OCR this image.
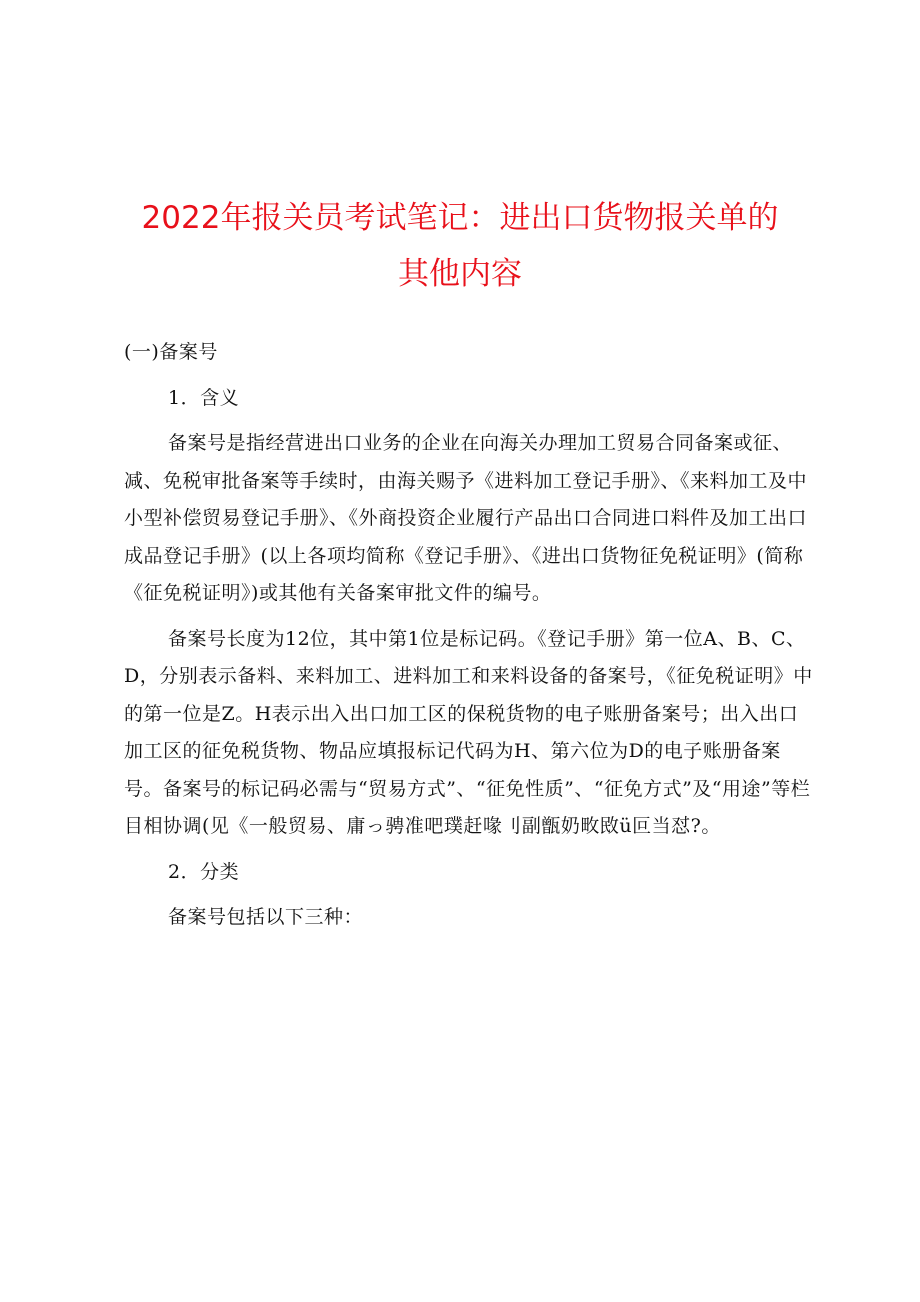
2022年报关员考试笔记：进出口货物报关单的
其他内容

(一)备案号

1．含义

备案号是指经营进出口业务的企业在向海关办理加工贸易合同备案或征、减、免税审批备案等手续时，由海关赐予《进料加工登记手册》、《来料加工及中小型补偿贸易登记手册》、《外商投资企业履行产品出口合同进口料件及加工出口成品登记手册》(以上各项均简称《登记手册》、《进出口货物征免税证明》(简称《征免税证明》)或其他有关备案审批文件的编号。

备案号长度为12位，其中第1位是标记码。《登记手册》第一位A、B、C、D，分别表示备料、来料加工、进料加工和来料设备的备案号，《征免税证明》中的第一位是Z。H表示出入出口加工区的保税货物的电子账册备案号；出入出口加工区的征免税货物、物品应填报标记代码为H、第六位为D的电子账册备案号。备案号的标记码必需与“贸易方式”、“征免性质”、“征免方式”及“用途”等栏目相协调(见《一般贸易、庸っ骋准吧璞赶喙刂副甑奶畋敃ü叵当怼?。

2．分类

备案号包括以下三种：
